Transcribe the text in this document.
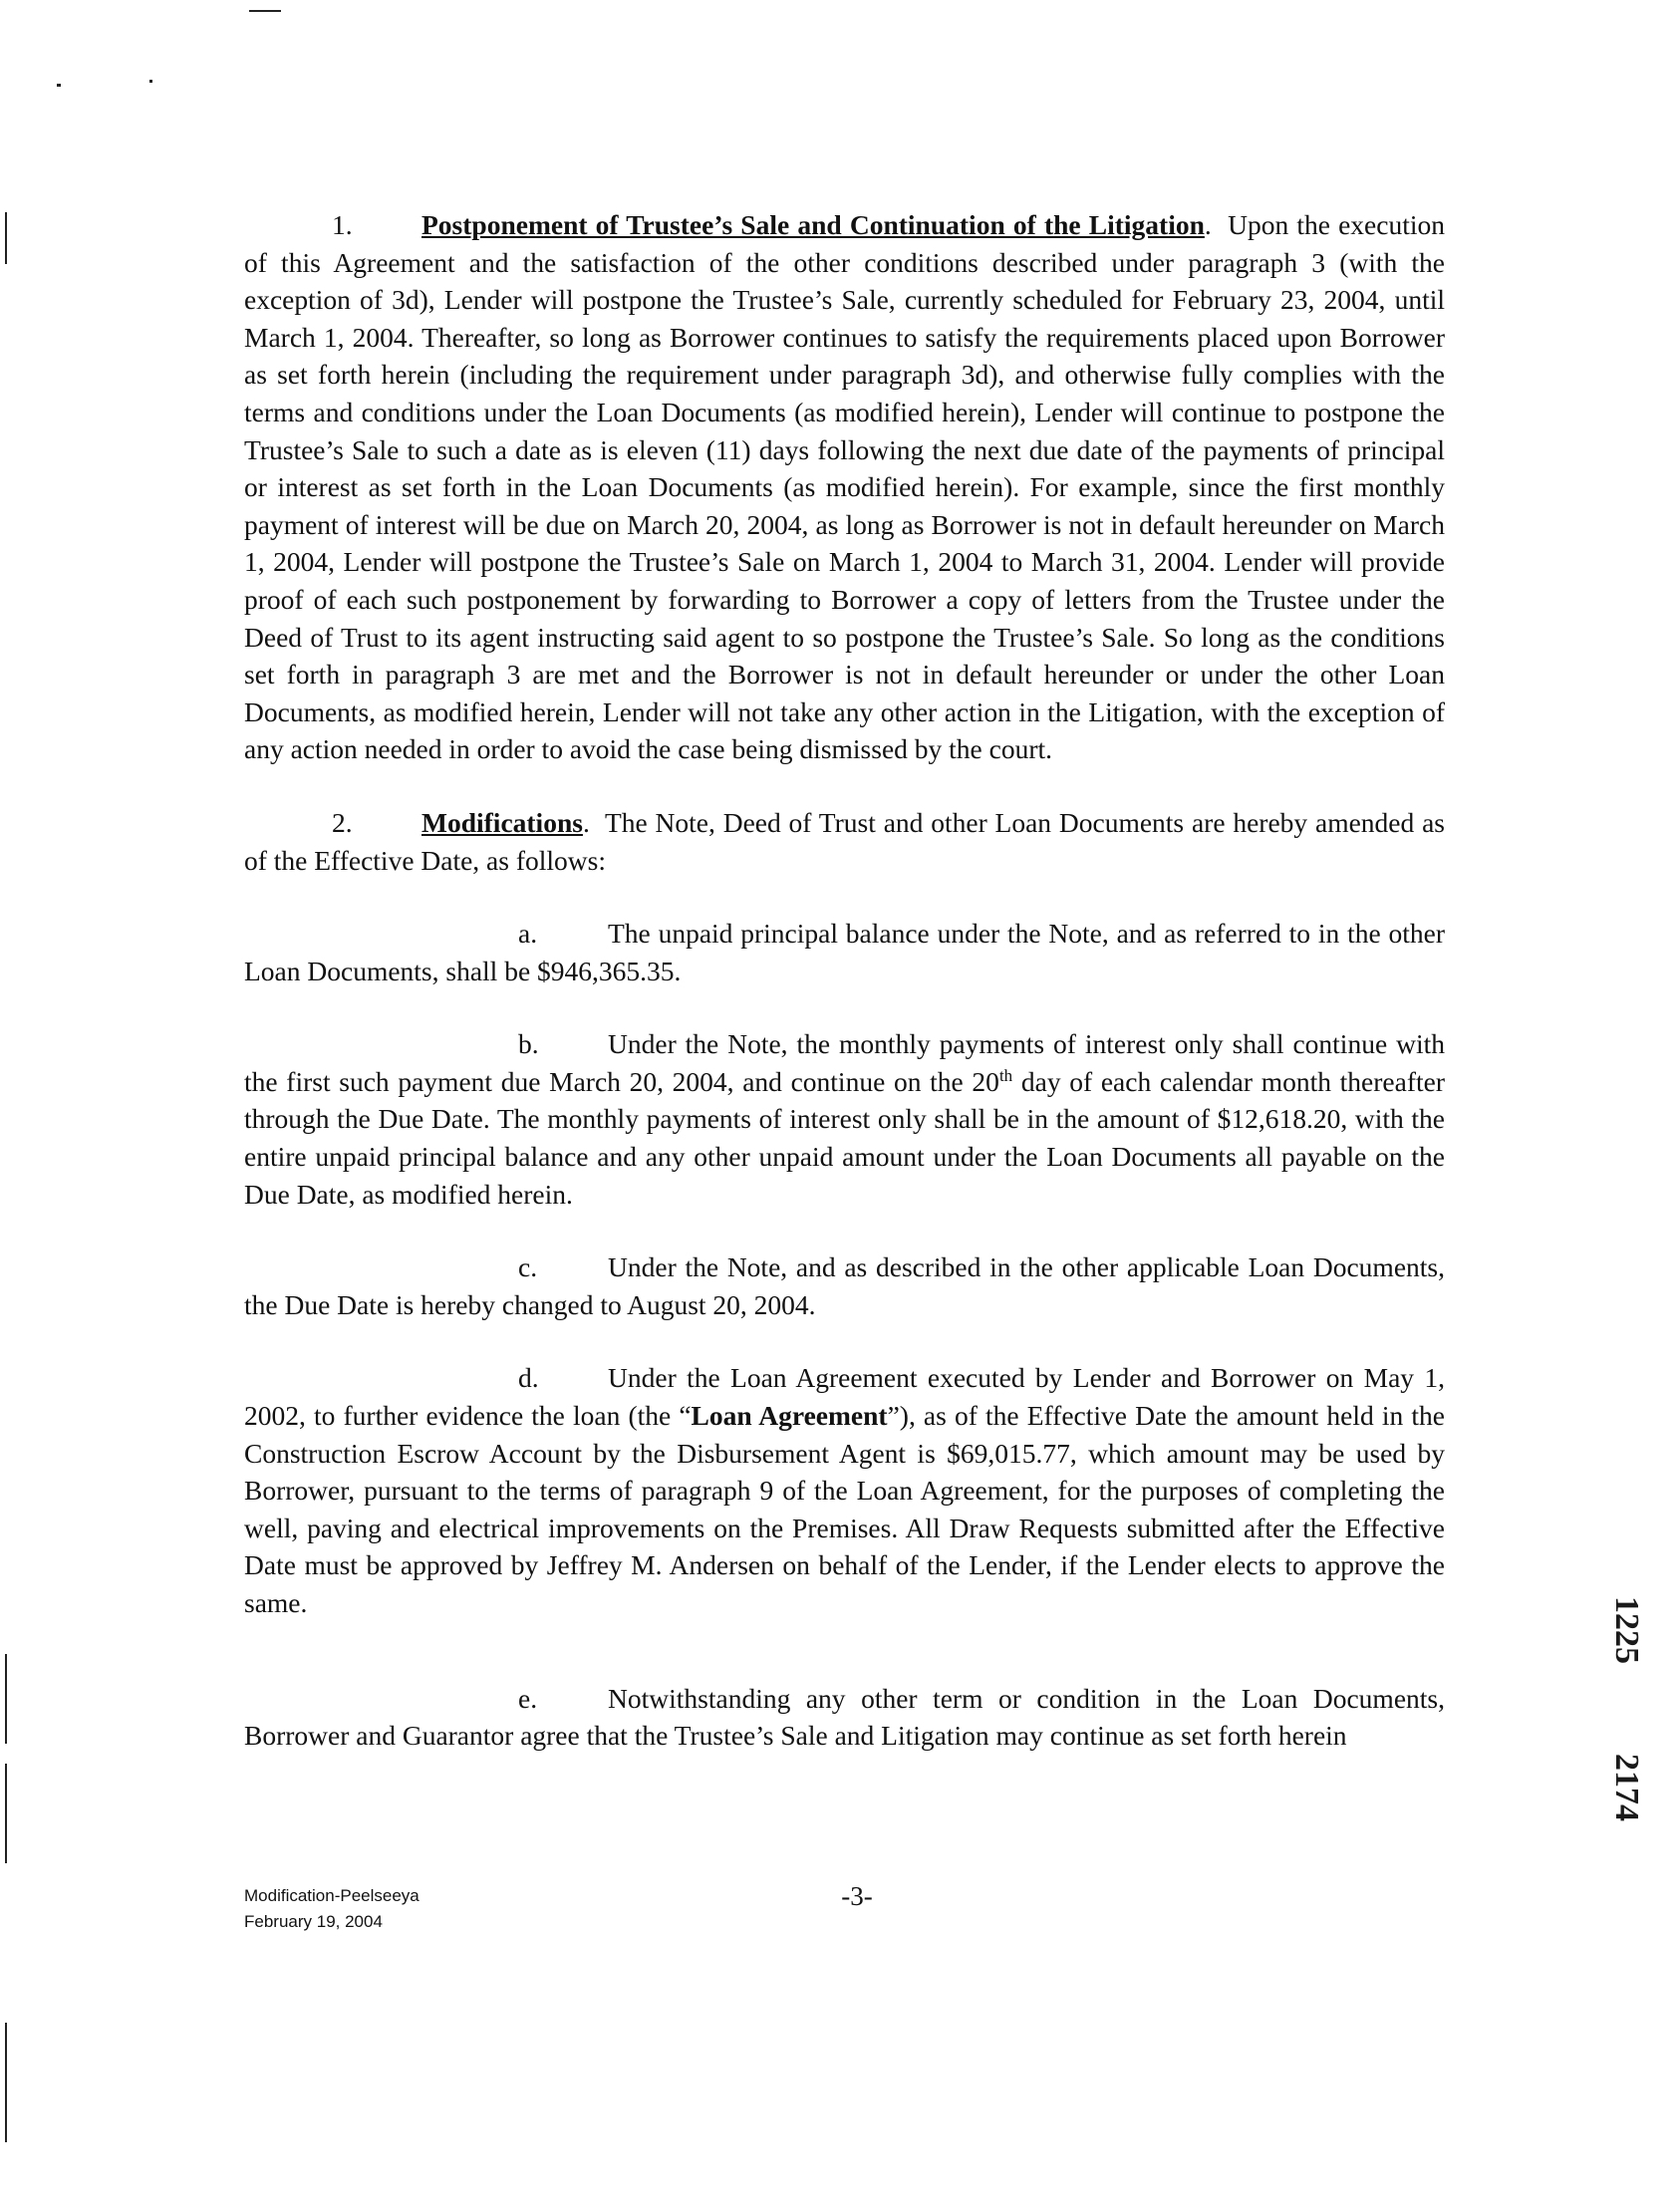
1.	Postponement of Trustee’s Sale and Continuation of the Litigation. Upon the execution of this Agreement and the satisfaction of the other conditions described under paragraph 3 (with the exception of 3d), Lender will postpone the Trustee’s Sale, currently scheduled for February 23, 2004, until March 1, 2004. Thereafter, so long as Borrower continues to satisfy the requirements placed upon Borrower as set forth herein (including the requirement under paragraph 3d), and otherwise fully complies with the terms and conditions under the Loan Documents (as modified herein), Lender will continue to postpone the Trustee’s Sale to such a date as is eleven (11) days following the next due date of the payments of principal or interest as set forth in the Loan Documents (as modified herein). For example, since the first monthly payment of interest will be due on March 20, 2004, as long as Borrower is not in default hereunder on March 1, 2004, Lender will postpone the Trustee’s Sale on March 1, 2004 to March 31, 2004. Lender will provide proof of each such postponement by forwarding to Borrower a copy of letters from the Trustee under the Deed of Trust to its agent instructing said agent to so postpone the Trustee’s Sale. So long as the conditions set forth in paragraph 3 are met and the Borrower is not in default hereunder or under the other Loan Documents, as modified herein, Lender will not take any other action in the Litigation, with the exception of any action needed in order to avoid the case being dismissed by the court.

2.	Modifications. The Note, Deed of Trust and other Loan Documents are hereby amended as of the Effective Date, as follows:

a.	The unpaid principal balance under the Note, and as referred to in the other Loan Documents, shall be $946,365.35.

b.	Under the Note, the monthly payments of interest only shall continue with the first such payment due March 20, 2004, and continue on the 20th day of each calendar month thereafter through the Due Date. The monthly payments of interest only shall be in the amount of $12,618.20, with the entire unpaid principal balance and any other unpaid amount under the Loan Documents all payable on the Due Date, as modified herein.

c.	Under the Note, and as described in the other applicable Loan Documents, the Due Date is hereby changed to August 20, 2004.

d.	Under the Loan Agreement executed by Lender and Borrower on May 1, 2002, to further evidence the loan (the “Loan Agreement”), as of the Effective Date the amount held in the Construction Escrow Account by the Disbursement Agent is $69,015.77, which amount may be used by Borrower, pursuant to the terms of paragraph 9 of the Loan Agreement, for the purposes of completing the well, paving and electrical improvements on the Premises. All Draw Requests submitted after the Effective Date must be approved by Jeffrey M. Andersen on behalf of the Lender, if the Lender elects to approve the same.

e.	Notwithstanding any other term or condition in the Loan Documents, Borrower and Guarantor agree that the Trustee’s Sale and Litigation may continue as set forth herein

Modification-Peelseeya
February 19, 2004
-3-
1225
2174
